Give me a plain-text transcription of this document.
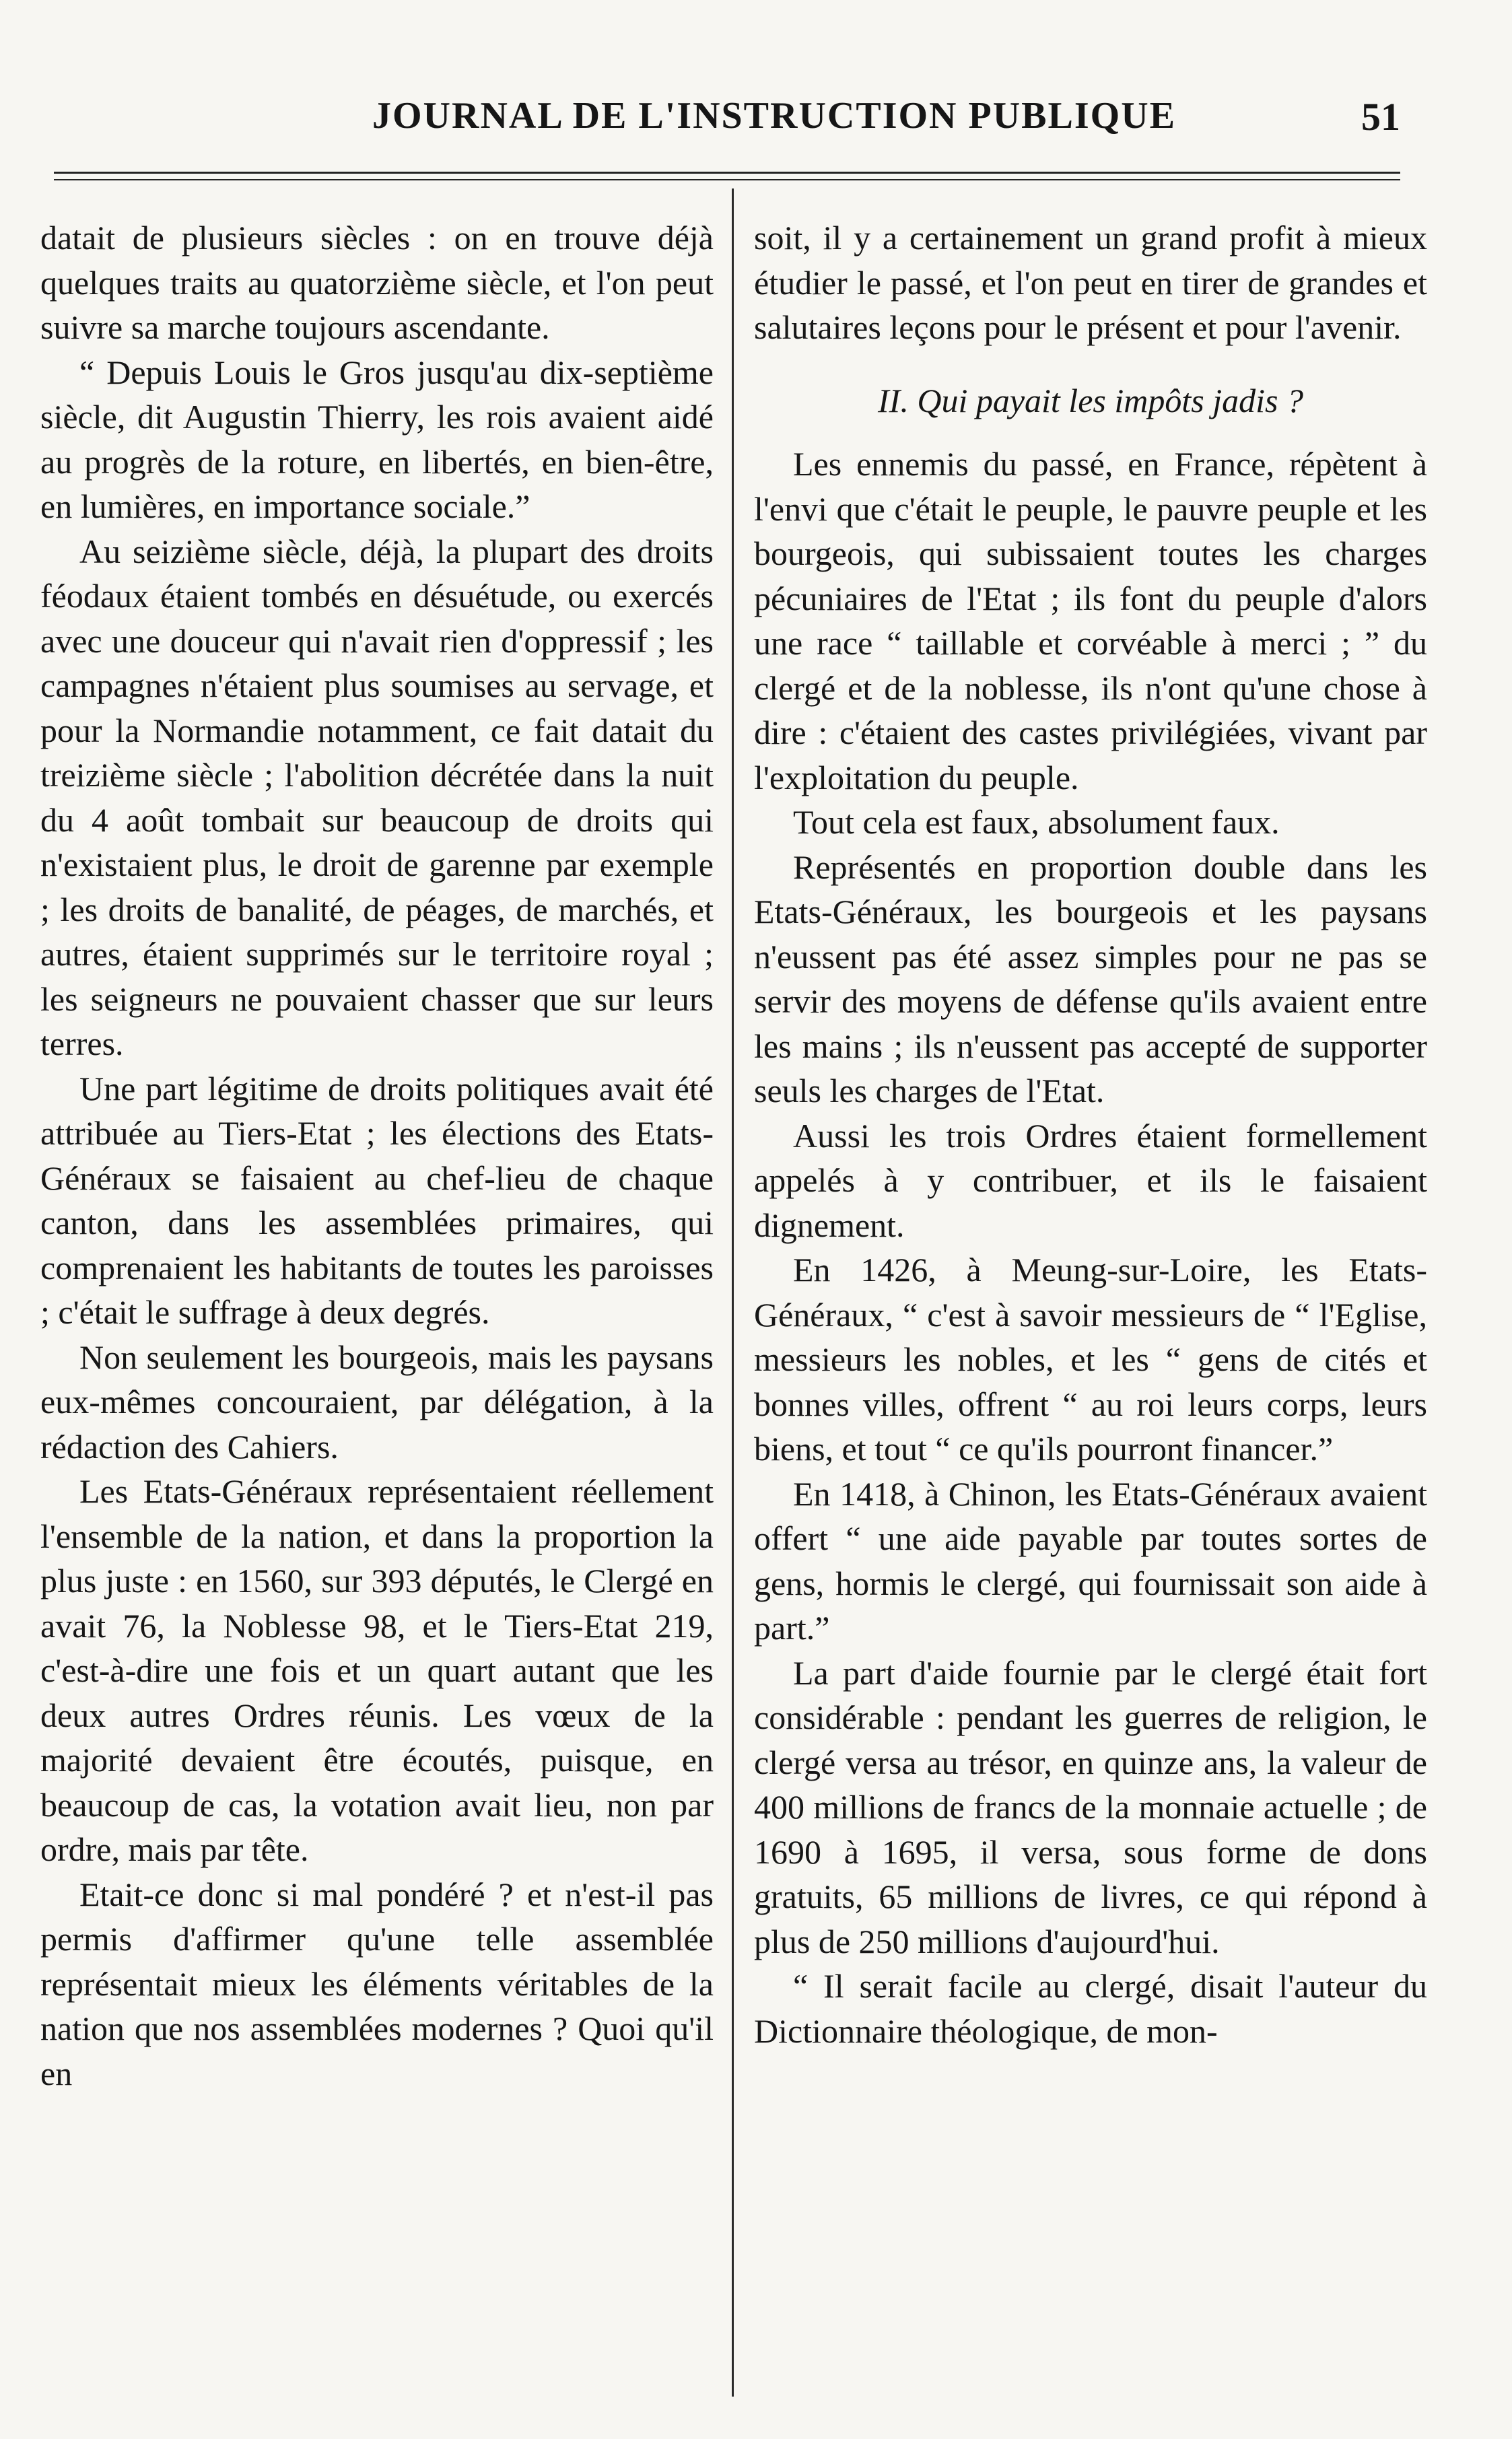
JOURNAL DE L'INSTRUCTION PUBLIQUE	51

datait de plusieurs siècles : on en trouve déjà quelques traits au quatorzième siècle, et l'on peut suivre sa marche toujours ascendante.

“ Depuis Louis le Gros jusqu'au dix-septième siècle, dit Augustin Thierry, les rois avaient aidé au progrès de la roture, en libertés, en bien-être, en lumières, en importance sociale.”

Au seizième siècle, déjà, la plupart des droits féodaux étaient tombés en désuétude, ou exercés avec une douceur qui n'avait rien d'oppressif ; les campagnes n'étaient plus soumises au servage, et pour la Normandie notamment, ce fait datait du treizième siècle ; l'abolition décrétée dans la nuit du 4 août tombait sur beaucoup de droits qui n'existaient plus, le droit de garenne par exemple ; les droits de banalité, de péages, de marchés, et autres, étaient supprimés sur le territoire royal ; les seigneurs ne pouvaient chasser que sur leurs terres.

Une part légitime de droits politiques avait été attribuée au Tiers-Etat ; les élections des Etats-Généraux se faisaient au chef-lieu de chaque canton, dans les assemblées primaires, qui comprenaient les habitants de toutes les paroisses ; c'était le suffrage à deux degrés.

Non seulement les bourgeois, mais les paysans eux-mêmes concouraient, par délégation, à la rédaction des Cahiers.

Les Etats-Généraux représentaient réellement l'ensemble de la nation, et dans la proportion la plus juste : en 1560, sur 393 députés, le Clergé en avait 76, la Noblesse 98, et le Tiers-Etat 219, c'est-à-dire une fois et un quart autant que les deux autres Ordres réunis. Les vœux de la majorité devaient être écoutés, puisque, en beaucoup de cas, la votation avait lieu, non par ordre, mais par tête.

Etait-ce donc si mal pondéré ? et n'est-il pas permis d'affirmer qu'une telle assemblée représentait mieux les éléments véritables de la nation que nos assemblées modernes ? Quoi qu'il en

soit, il y a certainement un grand profit à mieux étudier le passé, et l'on peut en tirer de grandes et salutaires leçons pour le présent et pour l'avenir.

II. Qui payait les impôts jadis ?

Les ennemis du passé, en France, répètent à l'envi que c'était le peuple, le pauvre peuple et les bourgeois, qui subissaient toutes les charges pécuniaires de l'Etat ; ils font du peuple d'alors une race “ taillable et corvéable à merci ; ” du clergé et de la noblesse, ils n'ont qu'une chose à dire : c'étaient des castes privilégiées, vivant par l'exploitation du peuple.

Tout cela est faux, absolument faux.

Représentés en proportion double dans les Etats-Généraux, les bourgeois et les paysans n'eussent pas été assez simples pour ne pas se servir des moyens de défense qu'ils avaient entre les mains ; ils n'eussent pas accepté de supporter seuls les charges de l'Etat.

Aussi les trois Ordres étaient formellement appelés à y contribuer, et ils le faisaient dignement.

En 1426, à Meung-sur-Loire, les Etats-Généraux, “ c'est à savoir messieurs de “ l'Eglise, messieurs les nobles, et les “ gens de cités et bonnes villes, offrent “ au roi leurs corps, leurs biens, et tout “ ce qu'ils pourront financer.”

En 1418, à Chinon, les Etats-Généraux avaient offert “ une aide payable par toutes sortes de gens, hormis le clergé, qui fournissait son aide à part.”

La part d'aide fournie par le clergé était fort considérable : pendant les guerres de religion, le clergé versa au trésor, en quinze ans, la valeur de 400 millions de francs de la monnaie actuelle ; de 1690 à 1695, il versa, sous forme de dons gratuits, 65 millions de livres, ce qui répond à plus de 250 millions d'aujourd'hui.

“ Il serait facile au clergé, disait l'auteur du Dictionnaire théologique, de mon-
